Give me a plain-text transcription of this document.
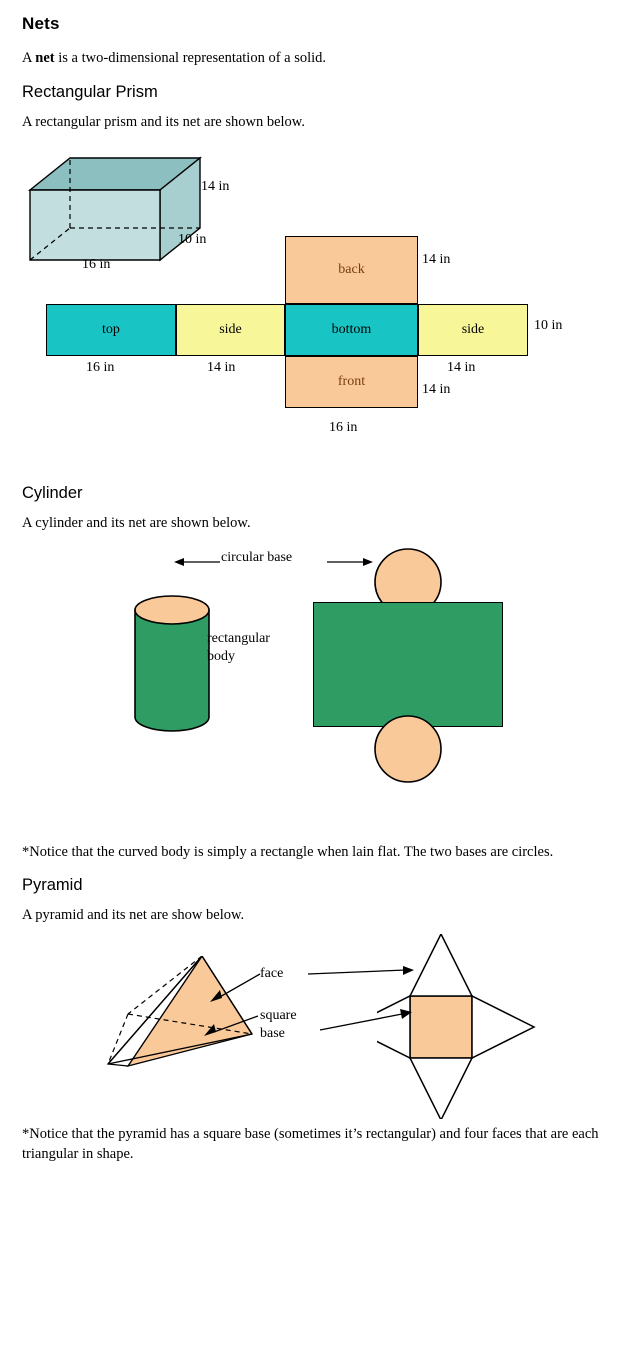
Nets

A net is a two-dimensional representation of a solid.

Rectangular Prism

A rectangular prism and its net are shown below.

14 in
10 in
16 in	back
top	side	bottom	side
front
14 in
10 in
16 in	14 in	14 in
14 in
16 in
Cylinder

A cylinder and its net are shown below.

circular base
rectangular
body

*Notice that the curved body is simply a rectangle when lain flat. The two bases are circles.

Pyramid

A pyramid and its net are show below.

face
square
base

*Notice that the pyramid has a square base (sometimes it’s rectangular) and four faces that are each triangular in shape.
